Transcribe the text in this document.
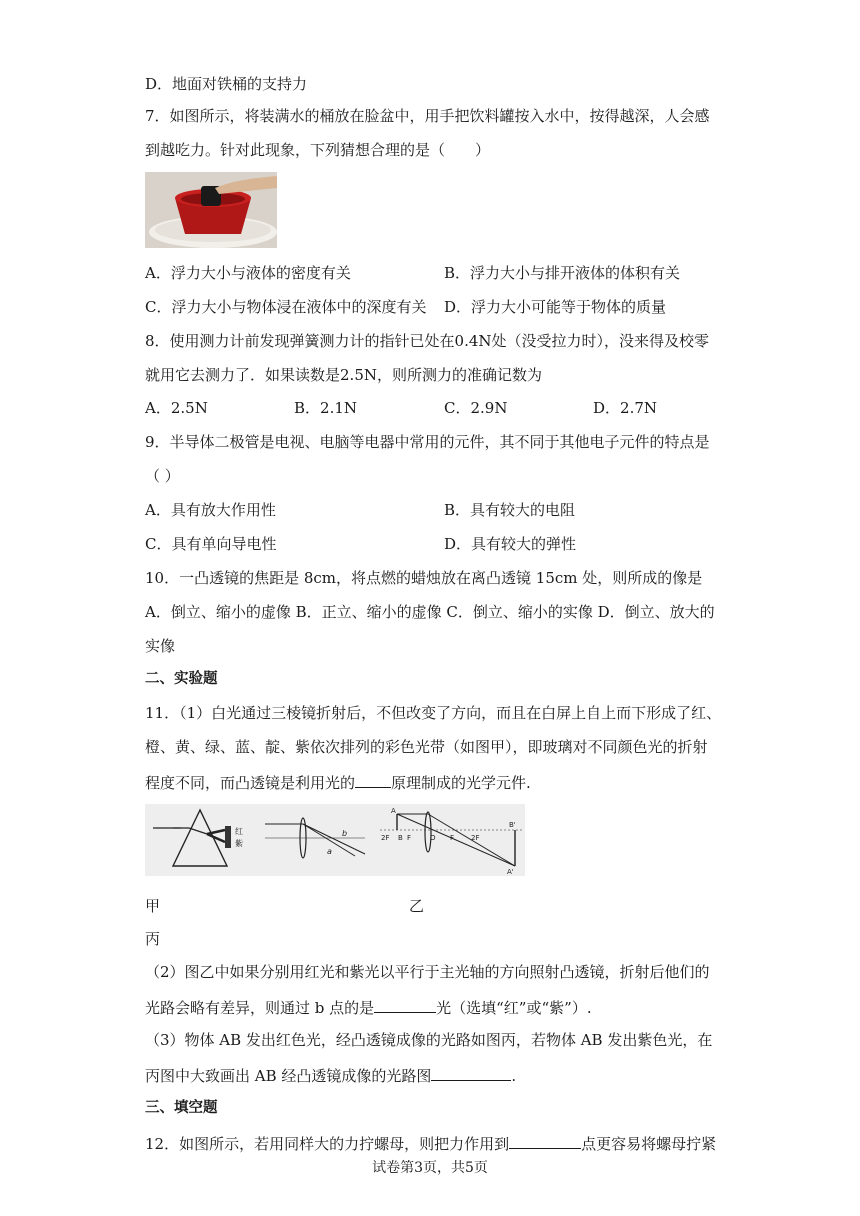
D．地面对铁桶的支持力
7．如图所示，将装满水的桶放在脸盆中，用手把饮料罐按入水中，按得越深，人会感
到越吃力。针对此现象，下列猜想合理的是（　　）
A．浮力大小与液体的密度有关	B．浮力大小与排开液体的体积有关
C．浮力大小与物体浸在液体中的深度有关 D．浮力大小可能等于物体的质量
8．使用测力计前发现弹簧测力计的指针已处在0.4N处（没受拉力时），没来得及校零
就用它去测力了．如果读数是2.5N，则所测力的准确记数为
A．2.5N	B．2.1N	C．2.9N	D．2.7N
9．半导体二极管是电视、电脑等电器中常用的元件，其不同于其他电子元件的特点是
（ ）
A．具有放大作用性	B．具有较大的电阻
C．具有单向导电性	D．具有较大的弹性
10．一凸透镜的焦距是 8cm，将点燃的蜡烛放在离凸透镜 15cm 处，则所成的像是
A．倒立、缩小的虚像 B．正立、缩小的虚像 C．倒立、缩小的实像 D．倒立、放大的
实像
二、实验题
11．（1）白光通过三棱镜折射后，不但改变了方向，而且在白屏上自上而下形成了红、
橙、黄、绿、蓝、靛、紫依次排列的彩色光带（如图甲），即玻璃对不同颜色光的折射
程度不同，而凸透镜是利用光的 原理制成的光学元件.
红
紫
b
a
A
2F B F	O F 2F
B'
A'
甲	乙
丙
（2）图乙中如果分别用红光和紫光以平行于主光轴的方向照射凸透镜，折射后他们的
光路会略有差异，则通过 b 点的是	光（选填“红”或“紫”）.
（3）物体 AB 发出红色光，经凸透镜成像的光路如图丙，若物体 AB 发出紫色光，在
丙图中大致画出 AB 经凸透镜成像的光路图	.
三、填空题
12．如图所示，若用同样大的力拧螺母，则把力作用到	点更容易将螺母拧紧
试卷第3页，共5页
